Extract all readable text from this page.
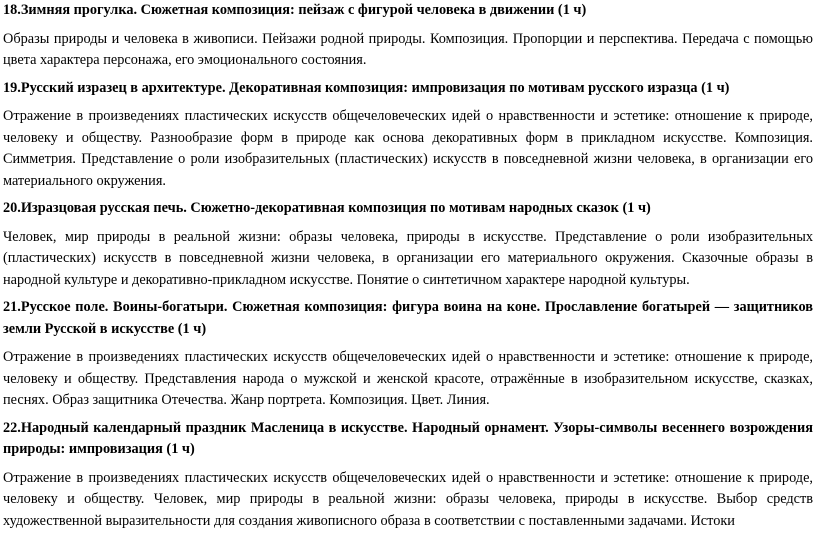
18.Зимняя прогулка. Сюжетная композиция: пейзаж с фигурой человека в движении (1 ч)

Образы природы и человека в живописи. Пейзажи родной природы. Композиция. Пропорции и перспектива. Передача с помощью цвета характера персонажа, его эмоционального состояния.

19.Русский изразец в архитектуре. Декоративная композиция: импровизация по мотивам русского изразца (1 ч)

Отражение в произведениях пластических искусств общечеловеческих идей о нравственности и эстетике: отношение к природе, человеку и обществу. Разнообразие форм в природе как основа декоративных форм в прикладном искусстве. Композиция. Симметрия. Представление о роли изобразительных (пластических) искусств в повседневной жизни человека, в организации его материального окружения.

20.Изразцовая русская печь. Сюжетно-декоративная композиция по мотивам народных сказок (1 ч)

Человек, мир природы в реальной жизни: образы человека, природы в искусстве. Представление о роли изобразительных (пластических) искусств в повседневной жизни человека, в организации его материального окружения. Сказочные образы в народной культуре и декоративно-прикладном искусстве. Понятие о синтетичном характере народной культуры.

21.Русское поле. Воины-богатыри. Сюжетная композиция: фигура воина на коне. Прославление богатырей — защитников земли Русской в искусстве (1 ч)

Отражение в произведениях пластических искусств общечеловеческих идей о нравственности и эстетике: отношение к природе, человеку и обществу. Представления народа о мужской и женской красоте, отражённые в изобразительном искусстве, сказках, песнях. Образ защитника Отечества. Жанр портрета. Композиция. Цвет. Линия.

22.Народный календарный праздник Масленица в искусстве. Народный орнамент. Узоры-символы весеннего возрождения природы: импровизация (1 ч)

Отражение в произведениях пластических искусств общечеловеческих идей о нравственности и эстетике: отношение к природе, человеку и обществу. Человек, мир природы в реальной жизни: образы человека, природы в искусстве. Выбор средств художественной выразительности для создания живописного образа в соответствии с поставленными задачами. Истоки
